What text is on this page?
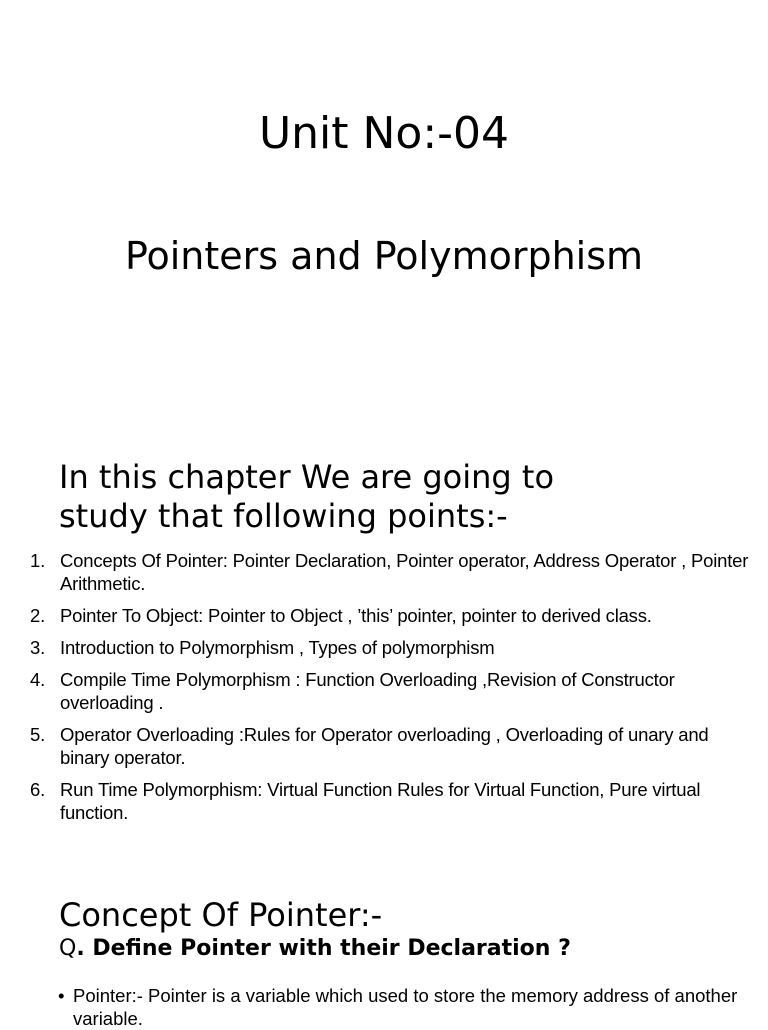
Unit No:-04
Pointers and Polymorphism
In this chapter We are going to
study that following points:-
1. Concepts Of Pointer: Pointer Declaration, Pointer operator, Address Operator , Pointer Arithmetic.
2. Pointer To Object: Pointer to Object , ’this’ pointer, pointer to derived class.
3. Introduction to Polymorphism , Types of polymorphism
4. Compile Time Polymorphism : Function Overloading ,Revision of Constructor overloading .
5. Operator Overloading :Rules for Operator overloading , Overloading of unary and binary operator.
6. Run Time Polymorphism: Virtual Function Rules for Virtual Function, Pure virtual function.
Concept Of Pointer:-

Q. Define Pointer with their Declaration ?

• Pointer:- Pointer is a variable which used to store the memory address of another variable.
